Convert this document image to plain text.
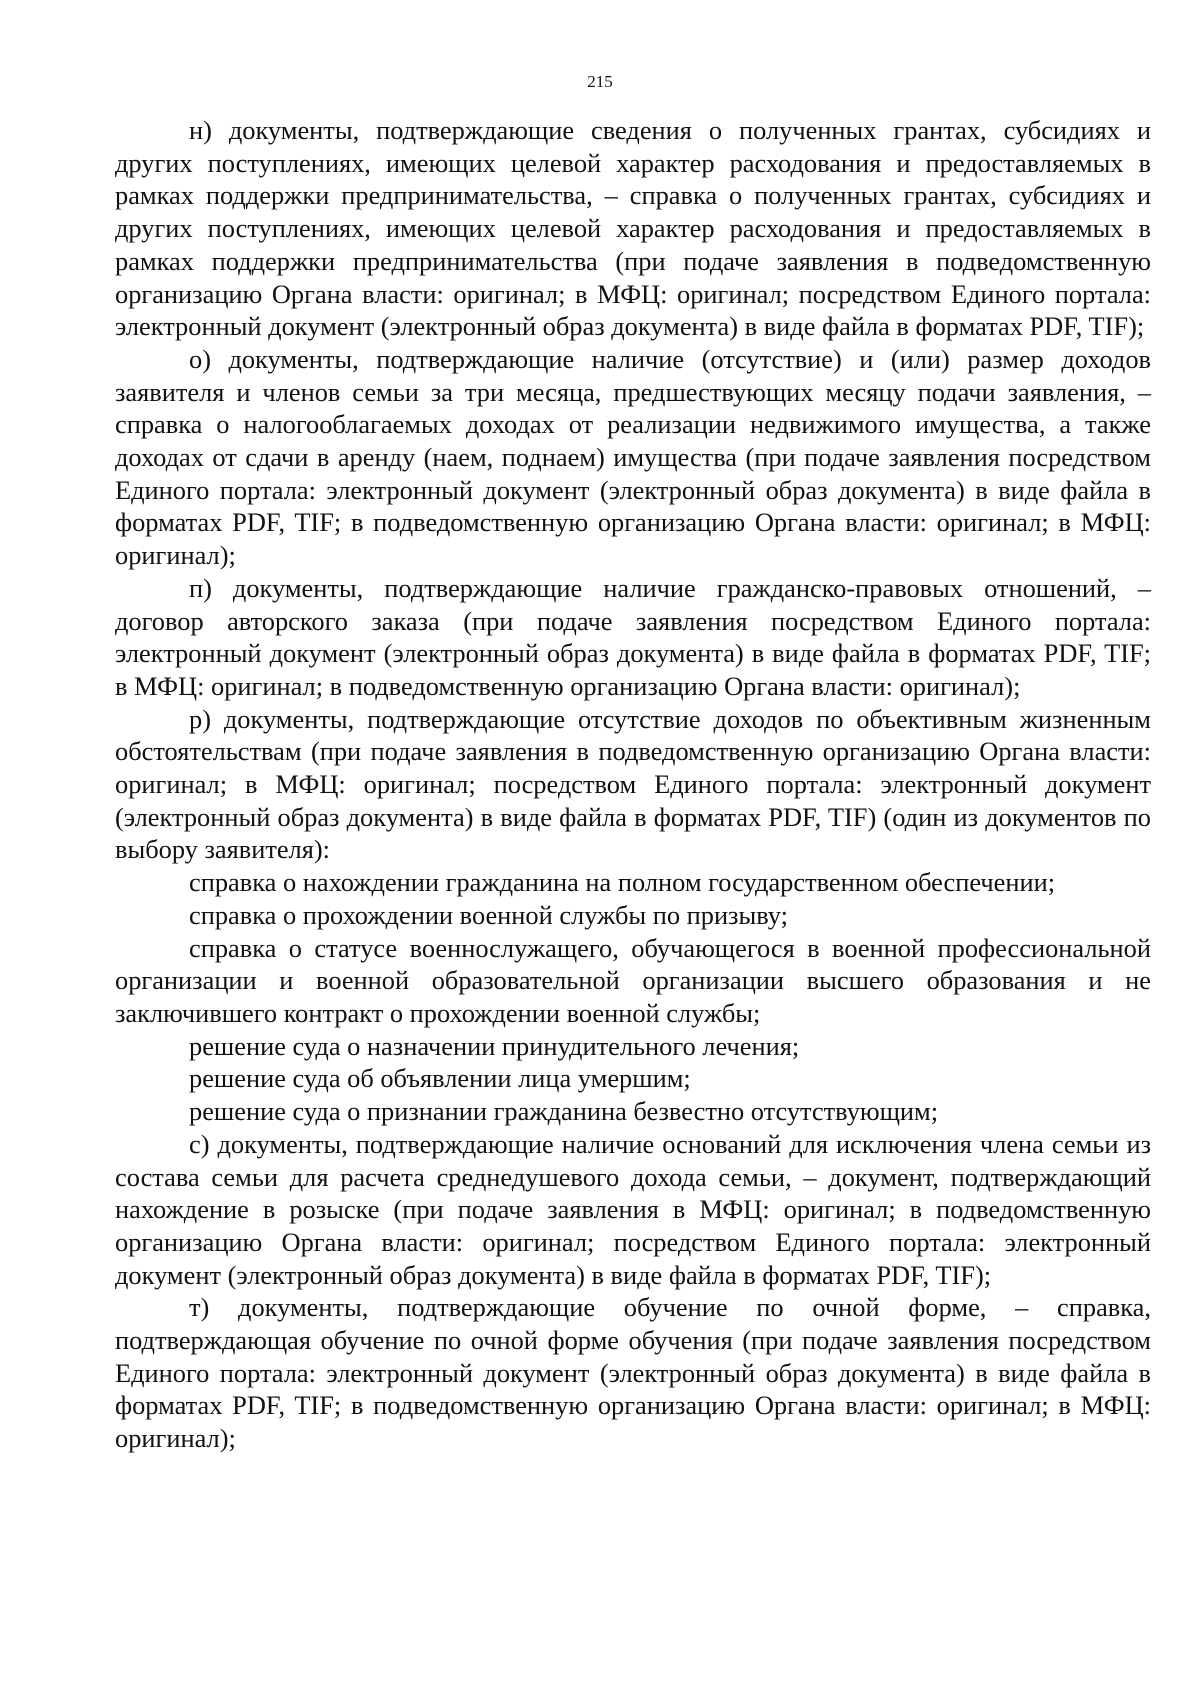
215

н) документы, подтверждающие сведения о полученных грантах, субсидиях и других поступлениях, имеющих целевой характер расходования и предоставляемых в рамках поддержки предпринимательства, – справка о полученных грантах, субсидиях и других поступлениях, имеющих целевой характер расходования и предоставляемых в рамках поддержки предпринимательства (при подаче заявления в подведомственную организацию Органа власти: оригинал; в МФЦ: оригинал; посредством Единого портала: электронный документ (электронный образ документа) в виде файла в форматах PDF, TIF);

о) документы, подтверждающие наличие (отсутствие) и (или) размер доходов заявителя и членов семьи за три месяца, предшествующих месяцу подачи заявления, – справка о налогооблагаемых доходах от реализации недвижимого имущества, а также доходах от сдачи в аренду (наем, поднаем) имущества (при подаче заявления посредством Единого портала: электронный документ (электронный образ документа) в виде файла в форматах PDF, TIF; в подведомственную организацию Органа власти: оригинал; в МФЦ: оригинал);

п) документы, подтверждающие наличие гражданско-правовых отношений, – договор авторского заказа (при подаче заявления посредством Единого портала: электронный документ (электронный образ документа) в виде файла в форматах PDF, TIF; в МФЦ: оригинал; в подведомственную организацию Органа власти: оригинал);

р) документы, подтверждающие отсутствие доходов по объективным жизненным обстоятельствам (при подаче заявления в подведомственную организацию Органа власти: оригинал; в МФЦ: оригинал; посредством Единого портала: электронный документ (электронный образ документа) в виде файла в форматах PDF, TIF) (один из документов по выбору заявителя):

справка о нахождении гражданина на полном государственном обеспечении;

справка о прохождении военной службы по призыву;

справка о статусе военнослужащего, обучающегося в военной профессиональной организации и военной образовательной организации высшего образования и не заключившего контракт о прохождении военной службы;

решение суда о назначении принудительного лечения;

решение суда об объявлении лица умершим;

решение суда о признании гражданина безвестно отсутствующим;

с) документы, подтверждающие наличие оснований для исключения члена семьи из состава семьи для расчета среднедушевого дохода семьи, – документ, подтверждающий нахождение в розыске (при подаче заявления в МФЦ: оригинал; в подведомственную организацию Органа власти: оригинал; посредством Единого портала: электронный документ (электронный образ документа) в виде файла в форматах PDF, TIF);

т) документы, подтверждающие обучение по очной форме, – справка, подтверждающая обучение по очной форме обучения (при подаче заявления посредством Единого портала: электронный документ (электронный образ документа) в виде файла в форматах PDF, TIF; в подведомственную организацию Органа власти: оригинал; в МФЦ: оригинал);
